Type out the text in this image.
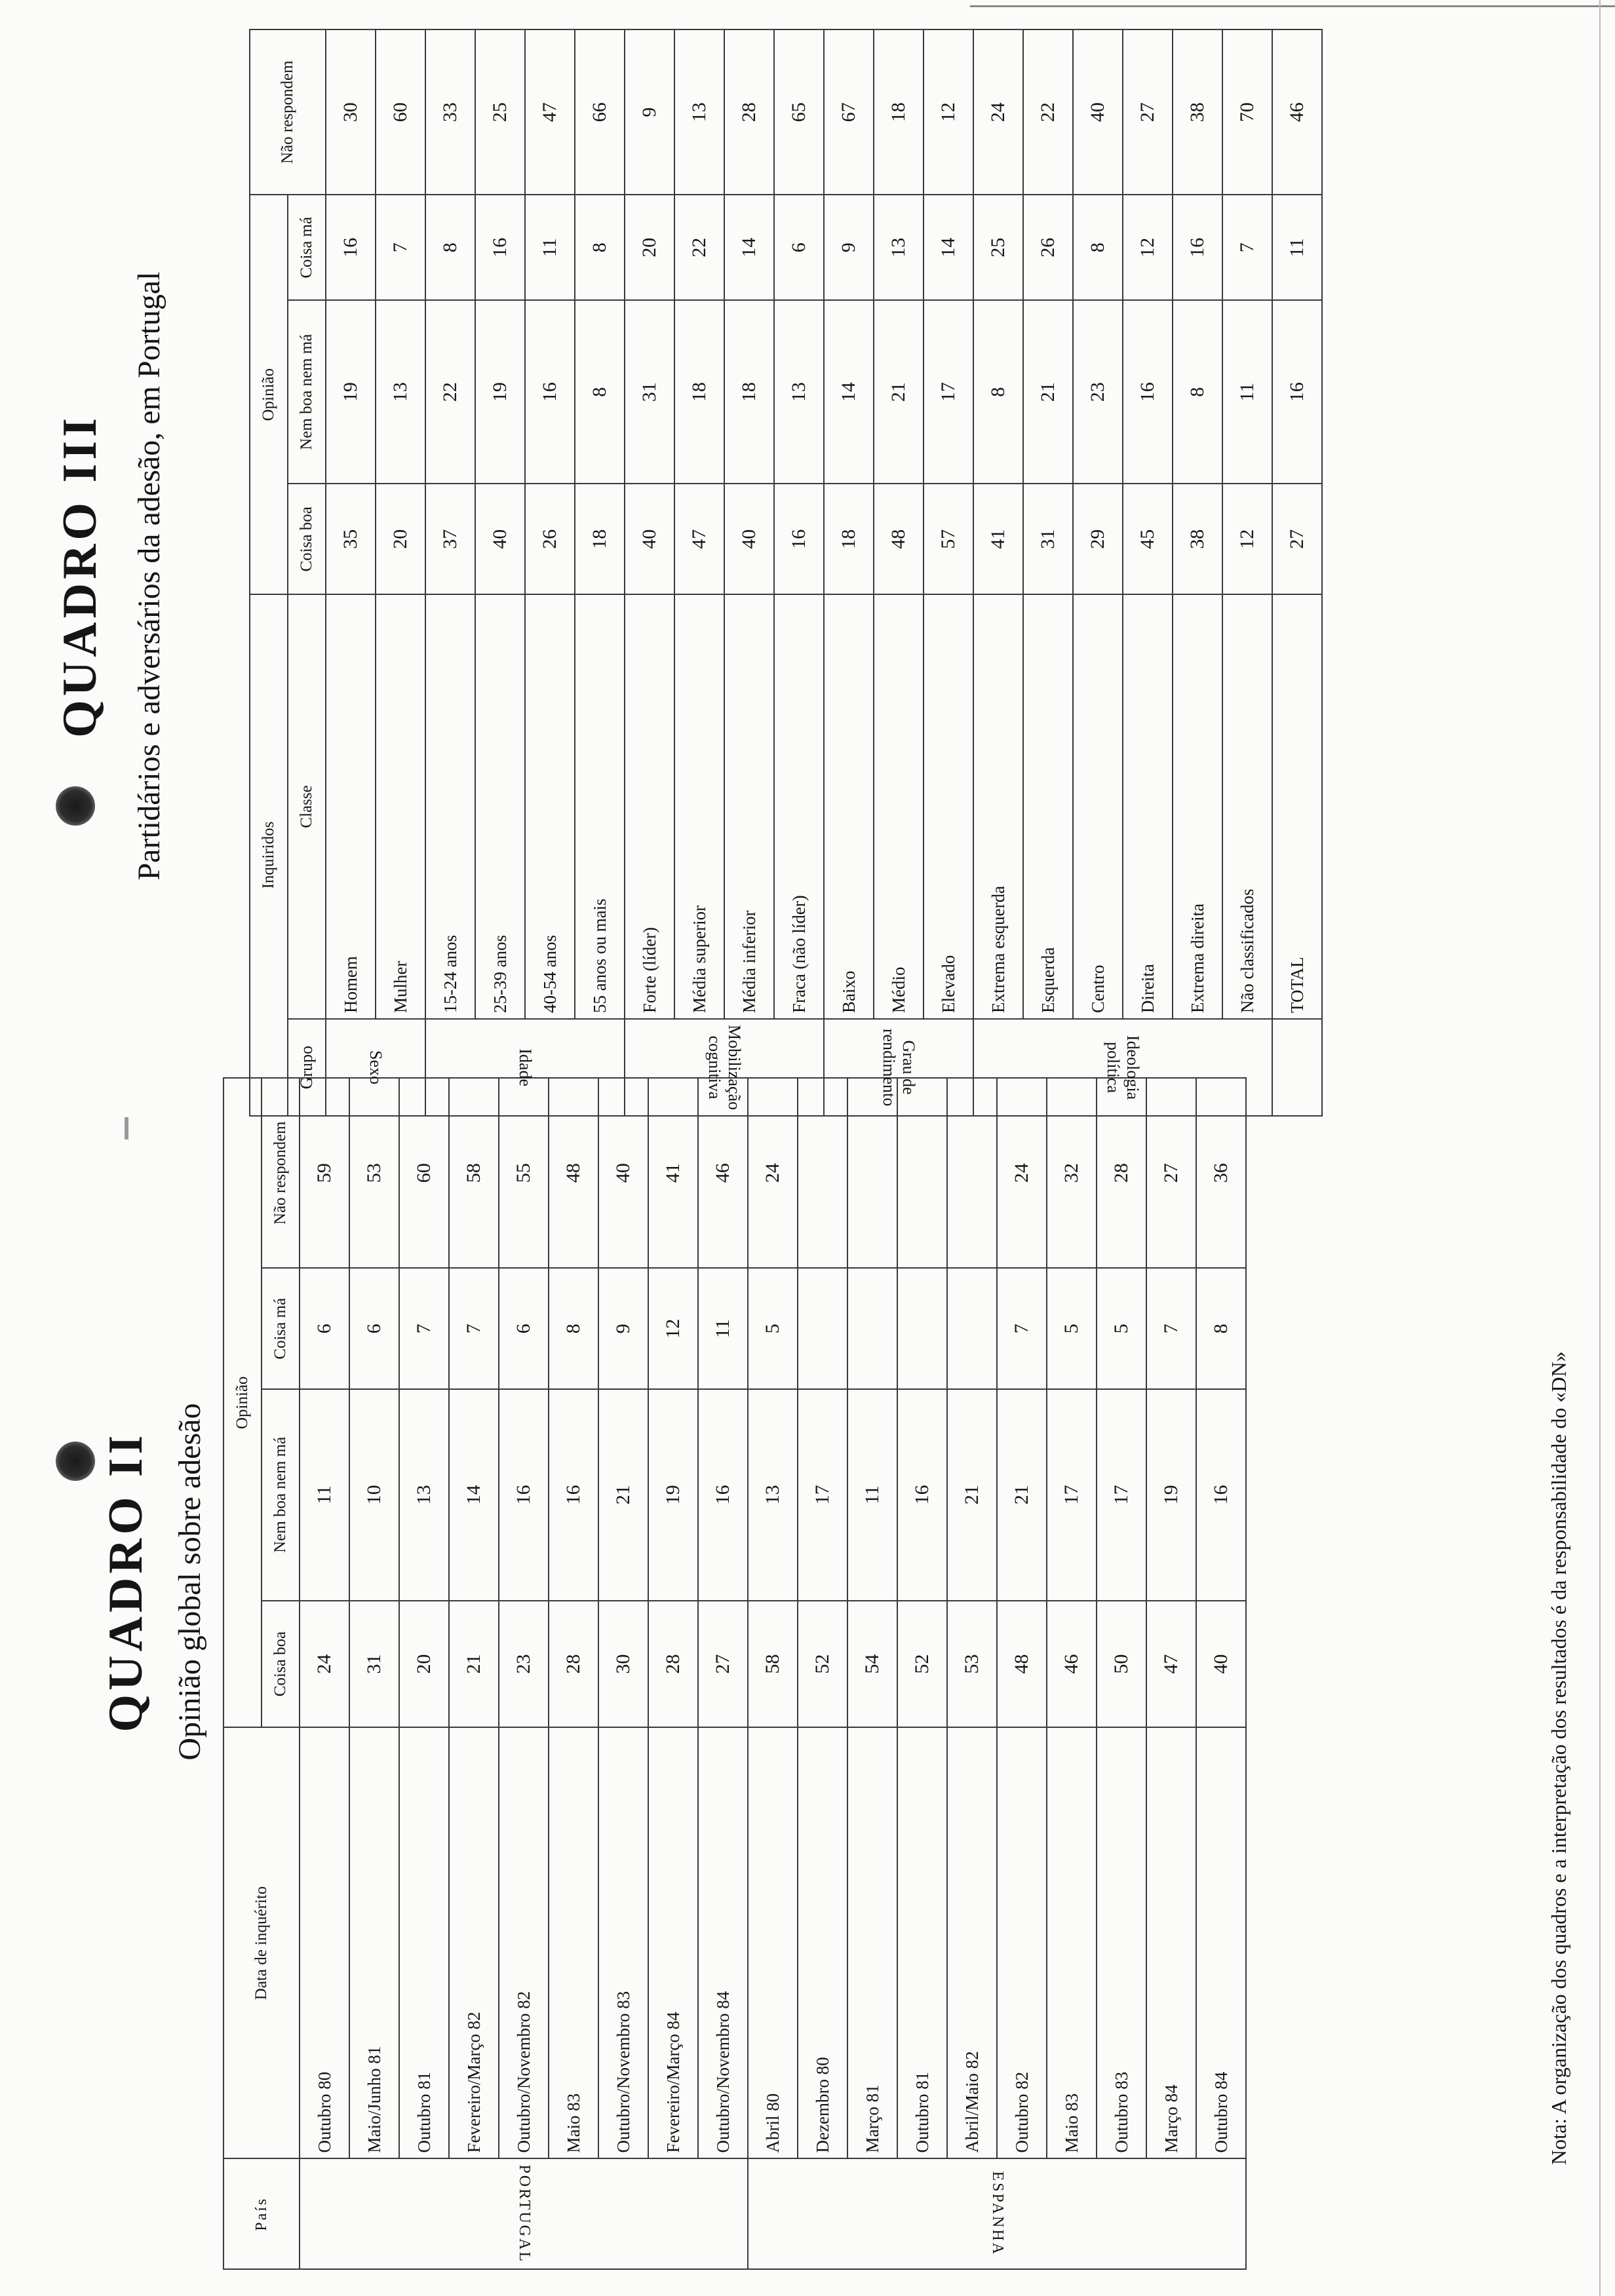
QUADRO II Opinião global sobre adesão
País	Data de inquérito	Opinião			
		Coisa boa	Nem boa nem má	Coisa má	Não respondem
PORTUGAL	Outubro 80	24	11	6	59
	Maio/Junho 81	31	10	6	53
	Outubro 81	20	13	7	60
	Fevereiro/Março 82	21	14	7	58
	Outubro/Novembro 82	23	16	6	55
	Maio 83	28	16	8	48
	Outubro/Novembro 83	30	21	9	40
	Fevereiro/Março 84	28	19	12	41
	Outubro/Novembro 84	27	16	11	46
ESPANHA	Abril 80	58	13	5	24
	Dezembro 80	52	17		
	Março 81	54	11		
	Outubro 81	52	16		
	Abril/Maio 82	53	21		
	Outubro 82	48	21	7	24
	Maio 83	46	17	5	32
	Outubro 83	50	17	5	28
	Março 84	47	19	7	27
	Outubro 84	40	16	8	36
Nota: A organização dos quadros e a interpretação dos resultados é da responsabilidade do «DN»
QUADRO III Partidários e adversários da adesão, em Portugal	Inquiridos		Opinião			Não respondem
Grupo	Classe	Coisa boa	Nem boa nem má	Coisa má	
Sexo	Homem	35	19	16	30
	Mulher	20	13	7	60
Idade	15-24 anos	37	22	8	33
	25-39 anos	40	19	16	25
	40-54 anos	26	16	11	47
	55 anos ou mais	18	8	8	66
Mobilização cognitiva	Forte (líder)	40	31	20	9
	Média superior	47	18	22	13
	Média inferior	40	18	14	28
	Fraca (não líder)	16	13	6	65
Grau de rendimento	Baixo	18	14	9	67
	Médio	48	21	13	18
	Elevado	57	17	14	12
Ideologia política	Extrema esquerda	41	8	25	24
	Esquerda	31	21	26	22
	Centro	29	23	8	40
	Direita	45	16	12	27
	Extrema direita	38	8	16	38
	Não classificados	12	11	7	70
	TOTAL	27	16	11	46
